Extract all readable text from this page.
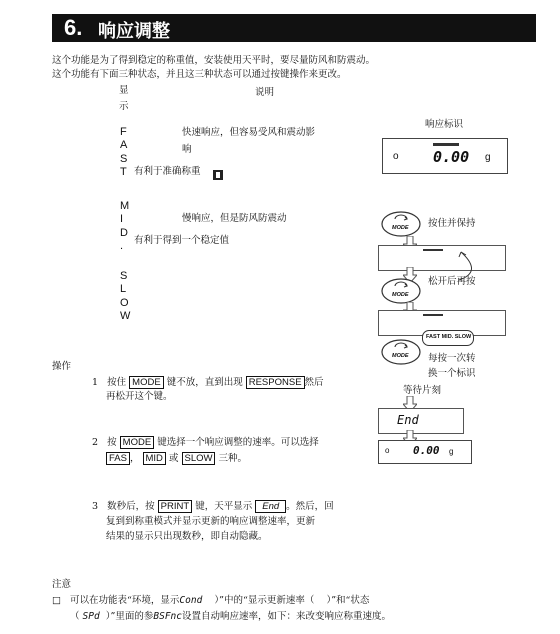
6. 响应调整
这个功能是为了得到稳定的称重值，安装使用天平时，要尽量防风和防震动。
这个功能有下面三种状态，并且这三种状态可以通过按键操作来更改。
显
示
说明
F
A
S
T
快速响应，但容易受风和震动影
响
有利于准确称重
M
I
D
.
慢响应，但是防风防震动
有利于得到一个稳定值
S
L
O
W
响应标识
o 0.00 g
MODE 按住并保持
MODE
松开后再按
MODE
FAST MID. SLOW
每按一次转
换一个标识
等待片刻
End
o 0.00 g
操作
1 按住 MODE 键不放，直到出现 RESPONSE 然后
再松开这个键。
2 按 MODE 键选择一个响应调整的速率。可以选择
FAS ， MID 或 SLOW 三种。
3 数秒后，按 PRINT 键，天平显示 End 。然后，回
复到到称重模式并显示更新的响应调整速率，更新
结果的显示只出现数秒，即自动隐藏。
注意
□ 可以在功能表“环境，显示Cond ）”中的“显示更新速率（ ）”和“状态
（ SPd ）”里面的参BSFnc设置自动响应速率，如下：来改变响应称重速度。
